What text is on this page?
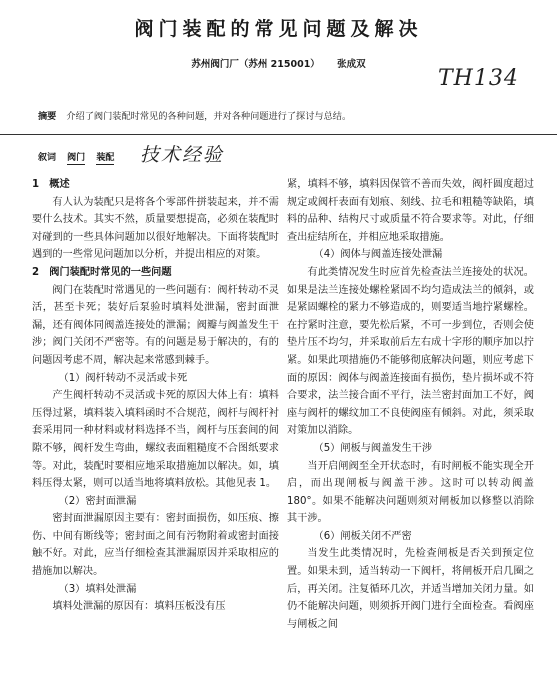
阀门装配的常见问题及解决
苏州阀门厂（苏州 215001） 张成双
TH134
摘要 介绍了阀门装配时常见的各种问题，并对各种问题进行了探讨与总结。
叙词 阀门 装配	技术经验
1　概述

有人认为装配只是将各个零部件拼装起来，并不需要什么技术。其实不然，质量要想提高，必须在装配时对碰到的一些具体问题加以很好地解决。下面将装配时遇到的一些常见问题加以分析，并提出相应的对策。

2　阀门装配时常见的一些问题

阀门在装配时常遇见的一些问题有：阀杆转动不灵活，甚至卡死；装好后泵验时填料处泄漏，密封面泄漏，还有阀体同阀盖连接处的泄漏；阀瓣与阀盖发生干涉；阀门关闭不严密等。有的问题是易于解决的，有的问题因考虑不周，解决起来常感到棘手。

（1）阀杆转动不灵活或卡死

产生阀杆转动不灵活或卡死的原因大体上有：填料压得过紧，填料装入填料函时不合规范，阀杆与阀杆衬套采用同一种材料或材料选择不当，阀杆与压套间的间隙不够，阀杆发生弯曲，螺纹表面粗糙度不合图纸要求等。对此，装配时要相应地采取措施加以解决。如，填料压得太紧，则可以适当地将填料放松。其他见表 1。

（2）密封面泄漏

密封面泄漏原因主要有：密封面损伤，如压痕、擦伤、中间有断线等；密封面之间有污物附着或密封面接触不好。对此，应当仔细检查其泄漏原因并采取相应的措施加以解决。

（3）填料处泄漏

填料处泄漏的原因有：填料压板没有压

紧，填料不够，填料因保管不善而失效，阀杆圆度超过规定或阀杆表面有划痕、刻线、拉毛和粗糙等缺陷，填料的品种、结构尺寸或质量不符合要求等。对此，仔细查出症结所在，并相应地采取措施。

（4）阀体与阀盖连接处泄漏

有此类情况发生时应首先检查法兰连接处的状况。如果是法兰连接处螺栓紧固不均匀造成法兰的倾斜，或是紧固螺栓的紧力不够造成的，则要适当地拧紧螺栓。在拧紧时注意，要先松后紧，不可一步到位，否则会使垫片压不均匀，并采取前后左右成十字形的顺序加以拧紧。如果此项措施仍不能够彻底解决问题，则应考虑下面的原因：阀体与阀盖连接面有损伤，垫片损坏或不符合要求，法兰接合面不平行，法兰密封面加工不好，阀座与阀杆的螺纹加工不良使阀座有倾斜。对此，须采取对策加以消除。

（5）闸板与阀盖发生干涉

当开启闸阀至全开状态时，有时闸板不能实现全开启，而出现闸板与阀盖干涉。这时可以转动阀盖 180°。如果不能解决问题则须对闸板加以修整以消除其干涉。

（6）闸板关闭不严密

当发生此类情况时，先检查闸板是否关到预定位置。如果未到，适当转动一下阀杆，将闸板开启几圈之后，再关闭。注复循环几次，并适当增加关闭力量。如仍不能解决问题，则须拆开阀门进行全面检查。看阀座与闸板之间
